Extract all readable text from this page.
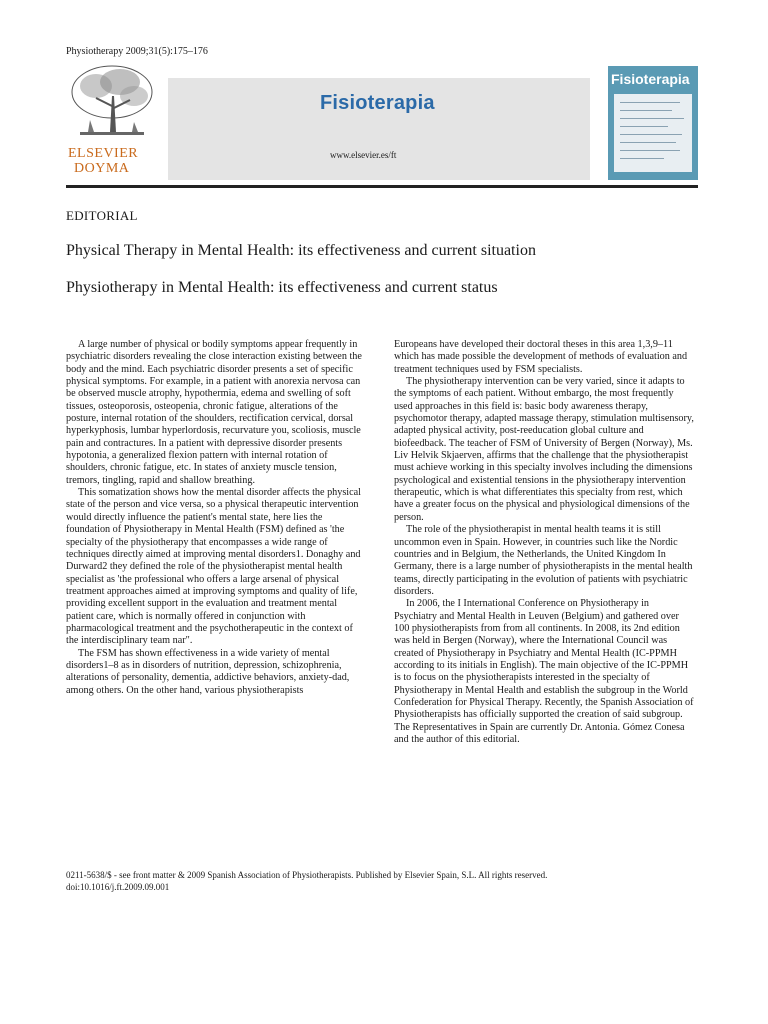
Physiotherapy 2009;31(5):175–176
ELSEVIER
DOYMA
Fisioterapia
www.elsevier.es/ft
Fisioterapia
EDITORIAL
Physical Therapy in Mental Health: its effectiveness and current situation
Physiotherapy in Mental Health: its effectiveness and current status

A large number of physical or bodily symptoms appear frequently in psychiatric disorders revealing the close interaction existing between the body and the mind. Each psychiatric disorder presents a set of specific physical symptoms. For example, in a patient with anorexia nervosa can be observed muscle atrophy, hypothermia, edema and swelling of soft tissues, osteoporosis, osteopenia, chronic fatigue, alterations of the posture, internal rotation of the shoulders, rectification cervical, dorsal hyperkyphosis, lumbar hyperlordosis, recurvature you, scoliosis, muscle pain and contractures. In a patient with depressive disorder presents hypotonia, a generalized flexion pattern with internal rotation of shoulders, chronic fatigue, etc. In states of anxiety muscle tension, tremors, tingling, rapid and shallow breathing.

This somatization shows how the mental disorder affects the physical state of the person and vice versa, so a physical therapeutic intervention would directly influence the patient's mental state, here lies the foundation of Physiotherapy in Mental Health (FSM) defined as 'the specialty of the physiotherapy that encompasses a wide range of techniques directly aimed at improving mental disorders1. Donaghy and Durward2 they defined the role of the physiotherapist mental health specialist as 'the professional who offers a large arsenal of physical treatment approaches aimed at improving symptoms and quality of life, providing excellent support in the evaluation and treatment mental patient care, which is normally offered in conjunction with pharmacological treatment and the psychotherapeutic in the context of the interdisciplinary team nar".

The FSM has shown effectiveness in a wide variety of mental disorders1–8 as in disorders of nutrition, depression, schizophrenia, alterations of personality, dementia, addictive behaviors, anxiety-dad, among others. On the other hand, various physiotherapists

Europeans have developed their doctoral theses in this area 1,3,9–11 which has made possible the development of methods of evaluation and treatment techniques used by FSM specialists.

The physiotherapy intervention can be very varied, since it adapts to the symptoms of each patient. Without embargo, the most frequently used approaches in this field is: basic body awareness therapy, psychomotor therapy, adapted massage therapy, stimulation multisensory, adapted physical activity, post-reeducation global culture and biofeedback. The teacher of FSM of University of Bergen (Norway), Ms. Liv Helvik Skjaerven, affirms that the challenge that the physiotherapist must achieve working in this specialty involves including the dimensions psychological and existential tensions in the physiotherapy intervention therapeutic, which is what differentiates this specialty from rest, which have a greater focus on the physical and physiological dimensions of the person.

The role of the physiotherapist in mental health teams it is still uncommon even in Spain. However, in countries such like the Nordic countries and in Belgium, the Netherlands, the United Kingdom In Germany, there is a large number of physiotherapists in the mental health teams, directly participating in the evolution of patients with psychiatric disorders.

In 2006, the I International Conference on Physiotherapy in Psychiatry and Mental Health in Leuven (Belgium) and gathered over 100 physiotherapists from from all continents. In 2008, its 2nd edition was held in Bergen (Norway), where the International Council was created of Physiotherapy in Psychiatry and Mental Health (IC-PPMH according to its initials in English). The main objective of the IC-PPMH is to focus on the physiotherapists interested in the specialty of Physiotherapy in Mental Health and establish the subgroup in the World Confederation for Physical Therapy. Recently, the Spanish Association of Physiotherapists has officially supported the creation of said subgroup. The Representatives in Spain are currently Dr. Antonia. Gómez Conesa and the author of this editorial.

0211-5638/$ - see front matter & 2009 Spanish Association of Physiotherapists. Published by Elsevier Spain, S.L. All rights reserved.
doi:10.1016/j.ft.2009.09.001
